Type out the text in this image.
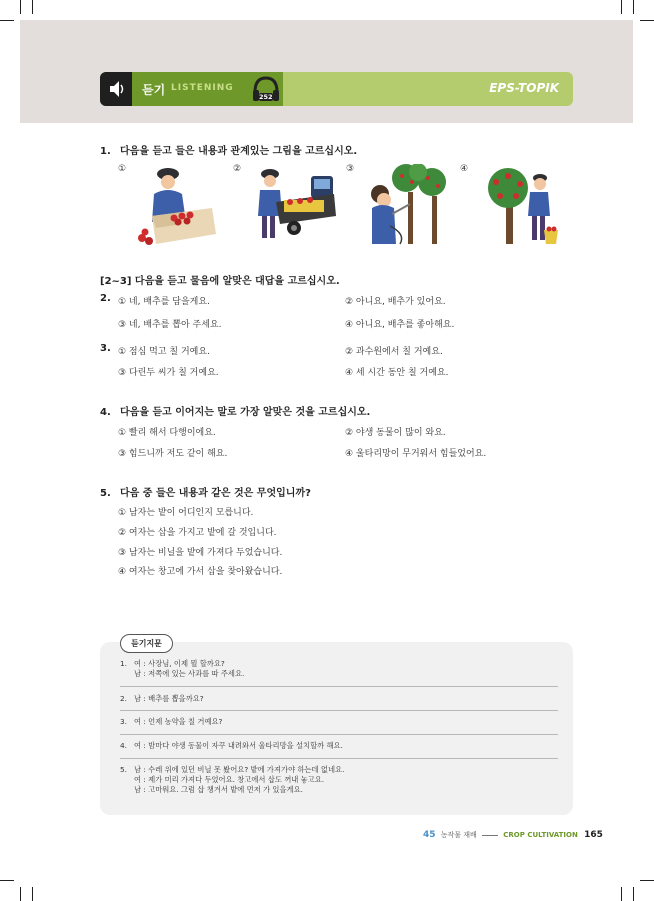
듣기 LISTENING
252
EPS-TOPIK
1. 다음을 듣고 들은 내용과 관계있는 그림을 고르십시오.
①	②	③	④
[2~3] 다음을 듣고 물음에 알맞은 대답을 고르십시오.
2. ① 네, 배추를 담을게요.	② 아니요, 배추가 있어요.
③ 네, 배추를 뽑아 주세요.	④ 아니요, 배추를 좋아해요.
3. ① 점심 먹고 칠 거예요.	② 과수원에서 칠 거예요.
③ 다린두 씨가 칠 거예요.	④ 세 시간 동안 칠 거예요.
4. 다음을 듣고 이어지는 말로 가장 알맞은 것을 고르십시오.
① 빨리 해서 다행이에요.	② 야생 동물이 많이 와요.
③ 힘드니까 저도 같이 해요.	④ 울타리망이 무거워서 힘들었어요.
5. 다음 중 들은 내용과 같은 것은 무엇입니까?
① 남자는 밭이 어디인지 모릅니다.
② 여자는 삽을 가지고 밭에 갈 것입니다.
③ 남자는 비닐을 밭에 가져다 두었습니다.
④ 여자는 창고에 가서 삽을 찾아왔습니다.
듣기지문
1. 여 : 사장님, 이제 뭘 할까요?
남 : 저쪽에 있는 사과를 따 주세요.
2. 남 : 배추를 뽑을까요?
3. 여 : 언제 농약을 칠 거예요?
4. 여 : 밤마다 야생 동물이 자꾸 내려와서 울타리망을 설치할까 해요.
5. 남 : 수레 위에 있던 비닐 못 봤어요? 밭에 가져가야 하는데 없네요.
여 : 제가 미리 가져다 두었어요. 창고에서 삽도 꺼내 놓고요.
남 : 고마워요. 그럼 삽 챙겨서 밭에 먼저 가 있을게요.
45 농작물 재배	CROP CULTIVATION 165
